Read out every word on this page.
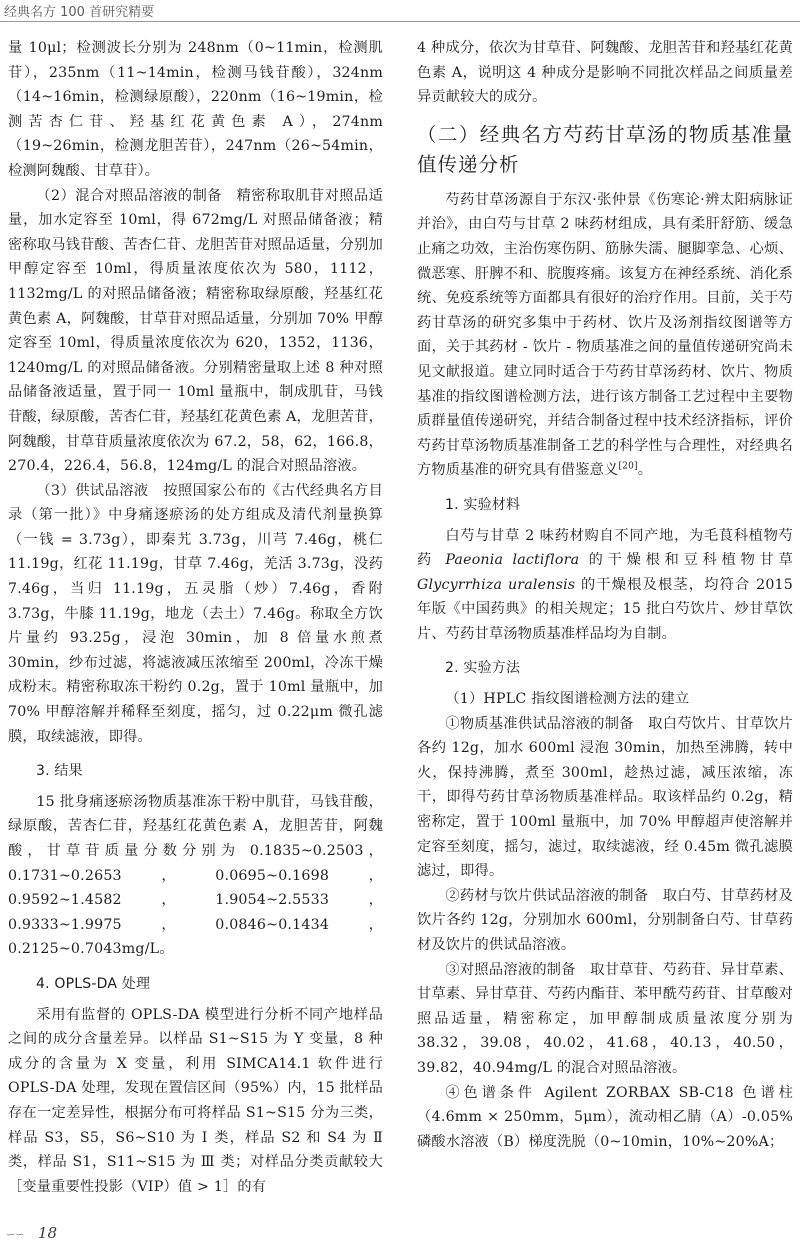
经典名方 100 首研究精要

量 10μl；检测波长分别为 248nm（0~11min，检测肌苷），235nm（11~14min，检测马钱苷酸），324nm（14~16min，检测绿原酸），220nm（16~19min，检测苦杏仁苷、羟基红花黄色素 A），274nm（19~26min，检测龙胆苦苷），247nm（26~54min，检测阿魏酸、甘草苷）。

（2）混合对照品溶液的制备　精密称取肌苷对照品适量，加水定容至 10ml，得 672mg/L 对照品储备液；精密称取马钱苷酸、苦杏仁苷、龙胆苦苷对照品适量，分别加甲醇定容至 10ml，得质量浓度依次为 580，1112，1132mg/L 的对照品储备液；精密称取绿原酸，羟基红花黄色素 A，阿魏酸，甘草苷对照品适量，分别加 70% 甲醇定容至 10ml，得质量浓度依次为 620，1352，1136，1240mg/L 的对照品储备液。分别精密量取上述 8 种对照品储备液适量，置于同一 10ml 量瓶中，制成肌苷，马钱苷酸，绿原酸，苦杏仁苷，羟基红花黄色素 A，龙胆苦苷，阿魏酸，甘草苷质量浓度依次为 67.2，58，62，166.8，270.4，226.4，56.8，124mg/L 的混合对照品溶液。

（3）供试品溶液　按照国家公布的《古代经典名方目录（第一批）》中身痛逐瘀汤的处方组成及清代剂量换算（一钱 = 3.73g），即秦艽 3.73g，川芎 7.46g，桃仁 11.19g，红花 11.19g，甘草 7.46g，羌活 3.73g，没药 7.46g，当归 11.19g，五灵脂（炒）7.46g，香附 3.73g，牛膝 11.19g，地龙（去土）7.46g。称取全方饮片量约 93.25g，浸泡 30min，加 8 倍量水煎煮 30min，纱布过滤，将滤液减压浓缩至 200ml，冷冻干燥成粉末。精密称取冻干粉约 0.2g，置于 10ml 量瓶中，加 70% 甲醇溶解并稀释至刻度，摇匀，过 0.22μm 微孔滤膜，取续滤液，即得。

3. 结果

15 批身痛逐瘀汤物质基准冻干粉中肌苷，马钱苷酸，绿原酸，苦杏仁苷，羟基红花黄色素 A，龙胆苦苷，阿魏酸，甘草苷质量分数分别为 0.1835~0.2503，0.1731~0.2653，0.0695~0.1698，0.9592~1.4582，1.9054~2.5533，0.9333~1.9975，0.0846~0.1434，0.2125~0.7043mg/L。

4. OPLS-DA 处理

采用有监督的 OPLS-DA 模型进行分析不同产地样品之间的成分含量差异。以样品 S1~S15 为 Y 变量，8 种成分的含量为 X 变量，利用 SIMCA14.1 软件进行 OPLS-DA 处理，发现在置信区间（95%）内，15 批样品存在一定差异性，根据分布可将样品 S1~S15 分为三类，样品 S3，S5，S6~S10 为 Ⅰ 类，样品 S2 和 S4 为 Ⅱ 类，样品 S1，S11~S15 为 Ⅲ 类；对样品分类贡献较大［变量重要性投影（VIP）值 > 1］的有

4 种成分，依次为甘草苷、阿魏酸、龙胆苦苷和羟基红花黄色素 A，说明这 4 种成分是影响不同批次样品之间质量差异贡献较大的成分。

（二）经典名方芍药甘草汤的物质基准量值传递分析

芍药甘草汤源自于东汉·张仲景《伤寒论·辨太阳病脉证并治》，由白芍与甘草 2 味药材组成，具有柔肝舒筋、缓急止痛之功效，主治伤寒伤阴、筋脉失濡、腿脚挛急、心烦、微恶寒、肝脾不和、脘腹疼痛。该复方在神经系统、消化系统、免疫系统等方面都具有很好的治疗作用。目前，关于芍药甘草汤的研究多集中于药材、饮片及汤剂指纹图谱等方面，关于其药材 - 饮片 - 物质基准之间的量值传递研究尚未见文献报道。建立同时适合于芍药甘草汤药材、饮片、物质基准的指纹图谱检测方法，进行该方制备工艺过程中主要物质群量值传递研究，并结合制备过程中技术经济指标，评价芍药甘草汤物质基准制备工艺的科学性与合理性，对经典名方物质基准的研究具有借鉴意义[20]。

1. 实验材料

白芍与甘草 2 味药材购自不同产地，为毛茛科植物芍药 Paeonia lactiflora 的干燥根和豆科植物甘草 Glycyrrhiza uralensis 的干燥根及根茎，均符合 2015 年版《中国药典》的相关规定；15 批白芍饮片、炒甘草饮片、芍药甘草汤物质基准样品均为自制。

2. 实验方法

（1）HPLC 指纹图谱检测方法的建立

①物质基准供试品溶液的制备　取白芍饮片、甘草饮片各约 12g，加水 600ml 浸泡 30min，加热至沸腾，转中火，保持沸腾，煮至 300ml，趁热过滤，减压浓缩，冻干，即得芍药甘草汤物质基准样品。取该样品约 0.2g，精密称定，置于 100ml 量瓶中，加 70% 甲醇超声使溶解并定容至刻度，摇匀，滤过，取续滤液，经 0.45m 微孔滤膜滤过，即得。

②药材与饮片供试品溶液的制备　取白芍、甘草药材及饮片各约 12g，分别加水 600ml，分别制备白芍、甘草药材及饮片的供试品溶液。

③对照品溶液的制备　取甘草苷、芍药苷、异甘草素、甘草素、异甘草苷、芍药内酯苷、苯甲酰芍药苷、甘草酸对照品适量，精密称定，加甲醇制成质量浓度分别为 38.32，39.08，40.02，41.68，40.13，40.50，39.82，40.94mg/L 的混合对照品溶液。

④色谱条件 Agilent ZORBAX SB-C18 色谱柱（4.6mm × 250mm，5μm），流动相乙腈（A）-0.05% 磷酸水溶液（B）梯度洗脱（0~10min，10%~20%A；

∽∽ 18
